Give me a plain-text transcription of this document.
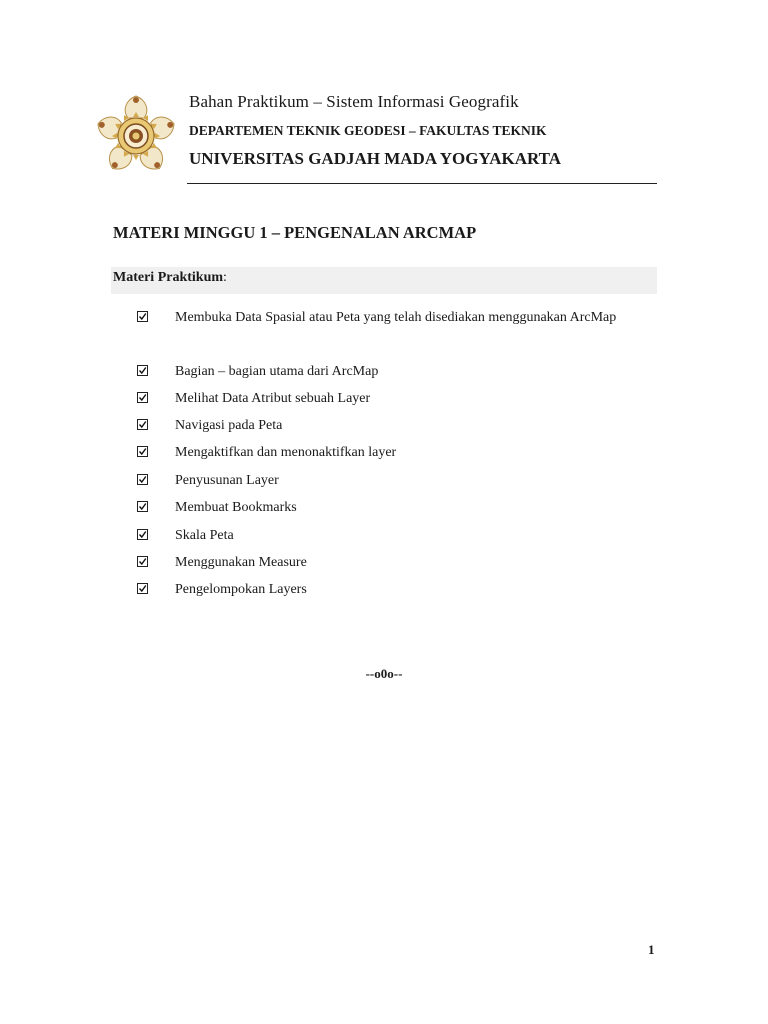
Bahan Praktikum – Sistem Informasi Geografik
DEPARTEMEN TEKNIK GEODESI – FAKULTAS TEKNIK
UNIVERSITAS GADJAH MADA YOGYAKARTA
MATERI MINGGU 1 – PENGENALAN ARCMAP
Materi Praktikum:
Membuka Data Spasial atau Peta yang telah disediakan menggunakan ArcMap
Bagian – bagian utama dari ArcMap
Melihat Data Atribut sebuah Layer
Navigasi pada Peta
Mengaktifkan dan menonaktifkan layer
Penyusunan Layer
Membuat Bookmarks
Skala Peta
Menggunakan Measure
Pengelompokan Layers
--o0o--
1
